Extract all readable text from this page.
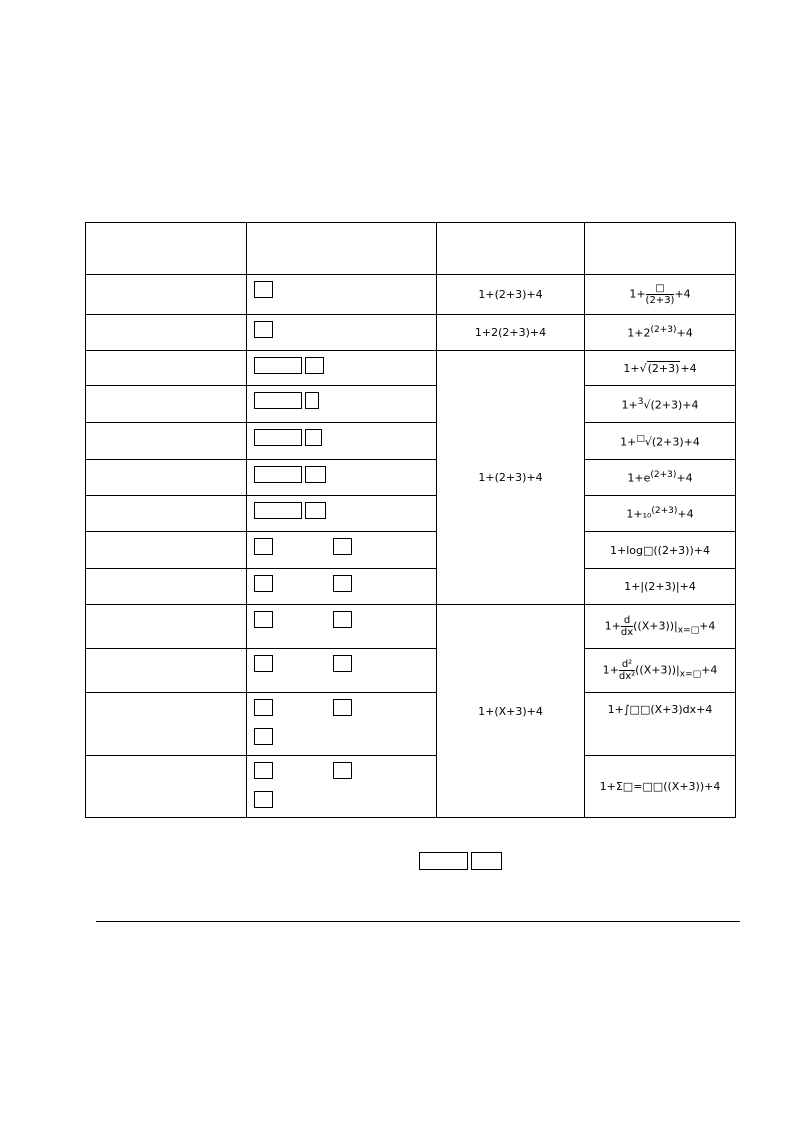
	1+(2+3)+4	$1+ \frac{□}{(2+3)} +4$

	1+2(2+3)+4	$1+2^{(2+3)}+4$

	1+(2+3)+4	1+√(2+3)+4

		1+$^3$√(2+3)+4

		1+□√(2+3)+4

		$1+e^{(2+3)}+4$

		1+₁₀$^{(2+3)}$+4

		1+log□((2+3))+4

		1+|(2+3)|+4

	1+(X+3)+4	$1+ \frac{d}{dx} ((X+3))|_{x=□}+4$

		$1+ \frac{\text{d²}}{\text{dx²}} ((X+3))|_{x=□}+4$

		1+∫□□(X+3)dx+4

		1+Σ□=□□((X+3))+4
